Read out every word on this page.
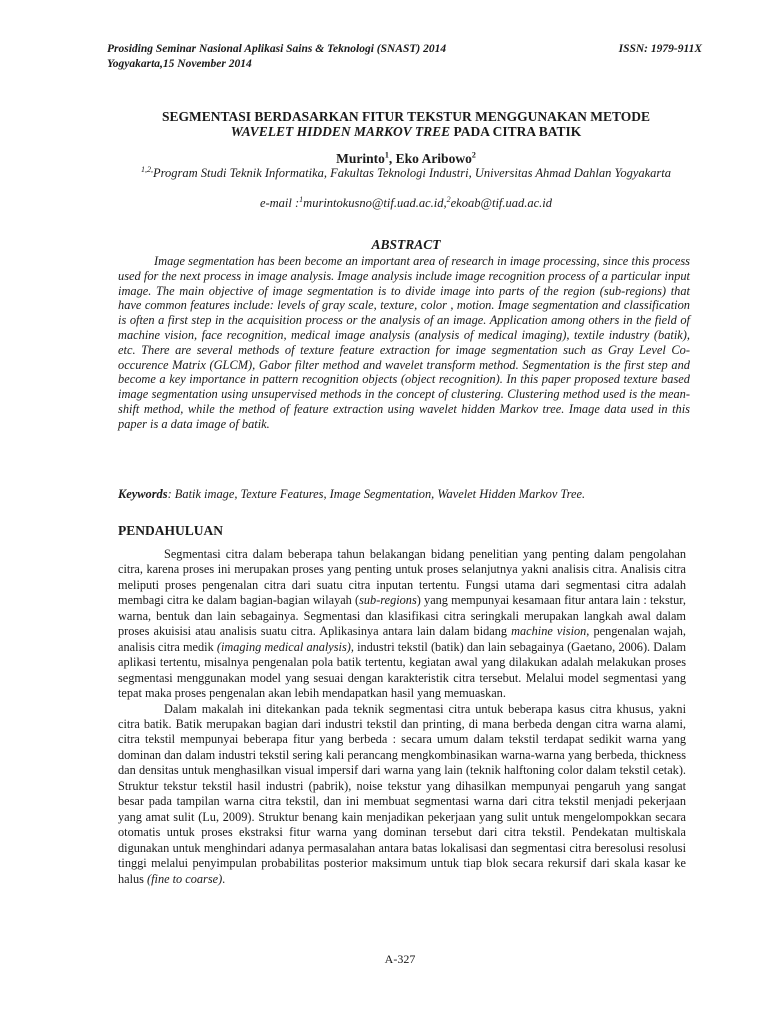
Prosiding Seminar Nasional Aplikasi Sains & Teknologi (SNAST) 2014	ISSN: 1979-911X
Yogyakarta,15 November 2014
SEGMENTASI BERDASARKAN FITUR TEKSTUR MENGGUNAKAN METODE
WAVELET HIDDEN MARKOV TREE PADA CITRA BATIK
Murinto$^1$, Eko Aribowo$^2$
$^{1,2,}$Program Studi Teknik Informatika, Fakultas Teknologi Industri, Universitas Ahmad Dahlan Yogyakarta
e-mail :$^1$murintokusno@tif.uad.ac.id,$^2$ekoab@tif.uad.ac.id
ABSTRACT

Image segmentation has been become an important area of research in image processing, since this process used for the next process in image analysis. Image analysis include image recognition process of a particular input image. The main objective of image segmentation is to divide image into parts of the region (sub-regions) that have common features include: levels of gray scale, texture, color , motion. Image segmentation and classification is often a first step in the acquisition process or the analysis of an image. Application among others in the field of machine vision, face recognition, medical image analysis (analysis of medical imaging), textile industry (batik), etc. There are several methods of texture feature extraction for image segmentation such as Gray Level Co-occurence Matrix (GLCM), Gabor filter method and wavelet transform method. Segmentation is the first step and become a key importance in pattern recognition objects (object recognition). In this paper proposed texture based image segmentation using unsupervised methods in the concept of clustering. Clustering method used is the mean-shift method, while the method of feature extraction using wavelet hidden Markov tree. Image data used in this paper is a data image of batik.

Keywords: Batik image, Texture Features, Image Segmentation, Wavelet Hidden Markov Tree.
PENDAHULUAN

Segmentasi citra dalam beberapa tahun belakangan bidang penelitian yang penting dalam pengolahan citra, karena proses ini merupakan proses yang penting untuk proses selanjutnya yakni analisis citra. Analisis citra meliputi proses pengenalan citra dari suatu citra inputan tertentu. Fungsi utama dari segmentasi citra adalah membagi citra ke dalam bagian-bagian wilayah (sub-regions) yang mempunyai kesamaan fitur antara lain : tekstur, warna, bentuk dan lain sebagainya. Segmentasi dan klasifikasi citra seringkali merupakan langkah awal dalam proses akuisisi atau analisis suatu citra. Aplikasinya antara lain dalam bidang machine vision, pengenalan wajah, analisis citra medik (imaging medical analysis), industri tekstil (batik) dan lain sebagainya (Gaetano, 2006). Dalam aplikasi tertentu, misalnya pengenalan pola batik tertentu, kegiatan awal yang dilakukan adalah melakukan proses segmentasi menggunakan model yang sesuai dengan karakteristik citra tersebut. Melalui model segmentasi yang tepat maka proses pengenalan akan lebih mendapatkan hasil yang memuaskan.

Dalam makalah ini ditekankan pada teknik segmentasi citra untuk beberapa kasus citra khusus, yakni citra batik. Batik merupakan bagian dari industri tekstil dan printing, di mana berbeda dengan citra warna alami, citra tekstil mempunyai beberapa fitur yang berbeda : secara umum dalam tekstil terdapat sedikit warna yang dominan dan dalam industri tekstil sering kali perancang mengkombinasikan warna-warna yang berbeda, thickness dan densitas untuk menghasilkan visual impersif dari warna yang lain (teknik halftoning color dalam tekstil cetak). Struktur tekstur tekstil hasil industri (pabrik), noise tekstur yang dihasilkan mempunyai pengaruh yang sangat besar pada tampilan warna citra tekstil, dan ini membuat segmentasi warna dari citra tekstil menjadi pekerjaan yang amat sulit (Lu, 2009). Struktur benang kain menjadikan pekerjaan yang sulit untuk mengelompokkan secara otomatis untuk proses ekstraksi fitur warna yang dominan tersebut dari citra tekstil. Pendekatan multiskala digunakan untuk menghindari adanya permasalahan antara batas lokalisasi dan segmentasi citra beresolusi resolusi tinggi melalui penyimpulan probabilitas posterior maksimum untuk tiap blok secara rekursif dari skala kasar ke halus (fine to coarse).

A-327
